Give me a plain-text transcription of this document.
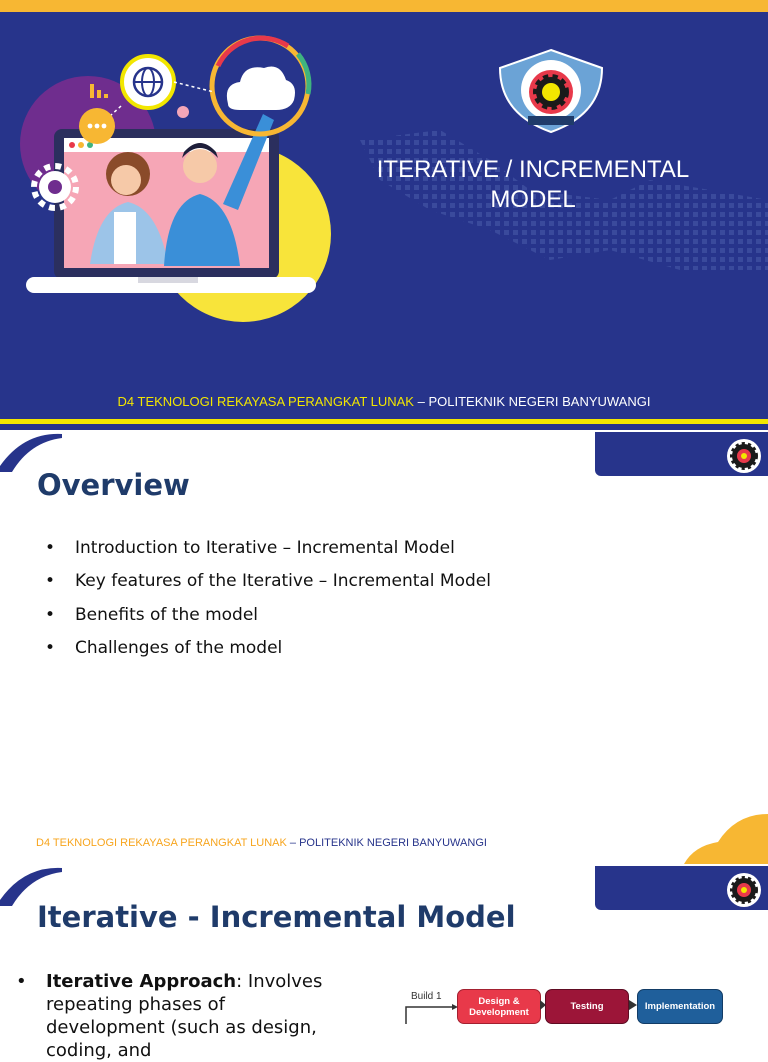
ITERATIVE / INCREMENTAL
MODEL
D4 TEKNOLOGI REKAYASA PERANGKAT LUNAK – POLITEKNIK NEGERI BANYUWANGI
Overview
• Introduction to Iterative – Incremental Model
• Key features of the Iterative – Incremental Model
• Benefits of the model
• Challenges of the model
D4 TEKNOLOGI REKAYASA PERANGKAT LUNAK – POLITEKNIK NEGERI BANYUWANGI
Iterative - Incremental Model
•	Iterative Approach: Involves repeating phases of development (such as design, coding, and
Build 1	Design &
Development	Testing	Implementation
